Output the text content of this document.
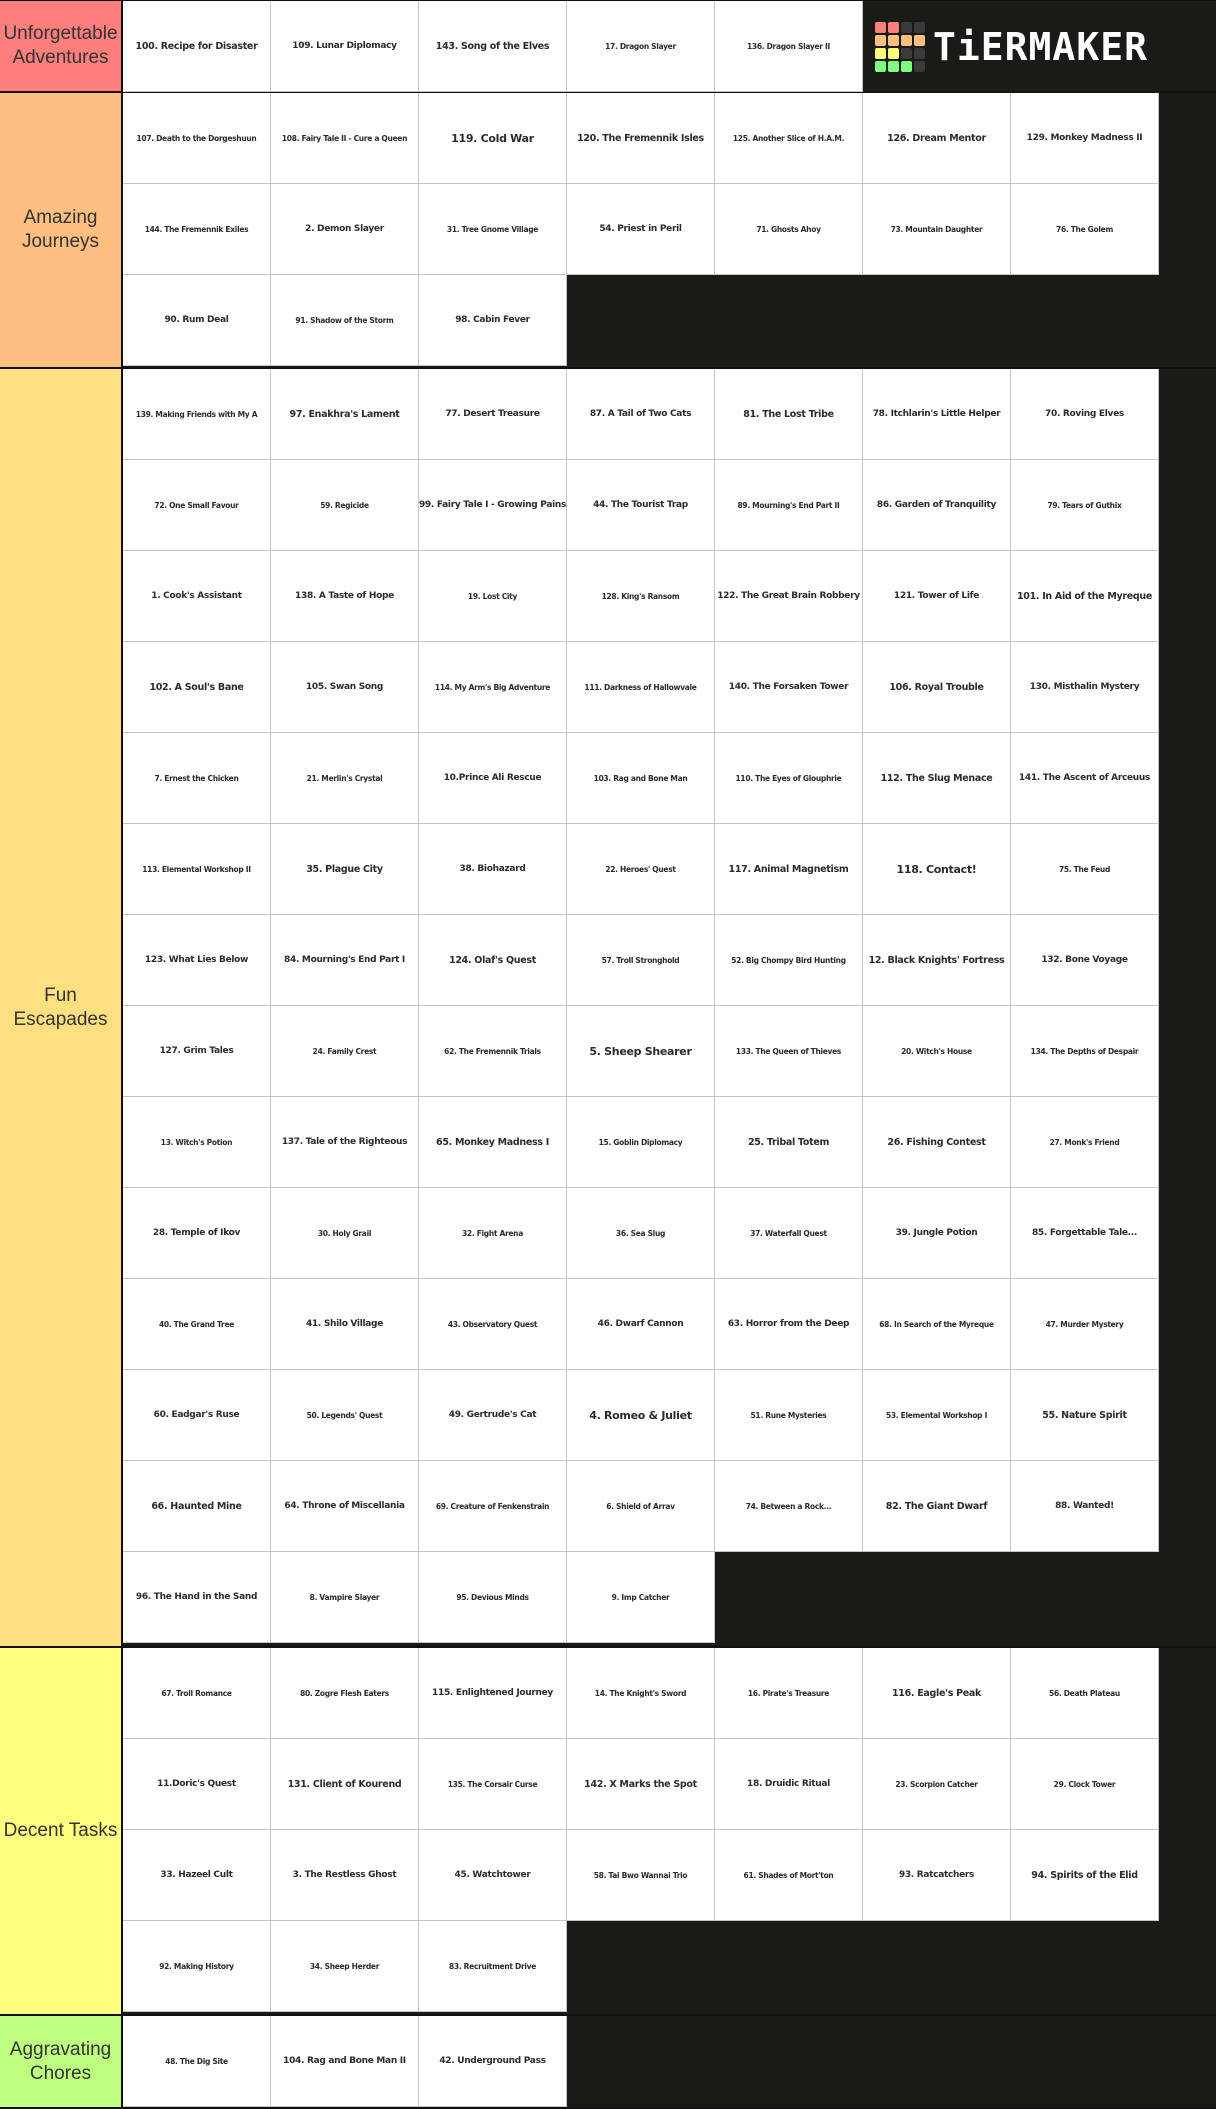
Unforgettable Adventures
100. Recipe for Disaster	109. Lunar Diplomacy	143. Song of the Elves	17. Dragon Slayer	136. Dragon Slayer II	TiERMAKER
Amazing Journeys
107. Death to the Dorgeshuun	108. Fairy Tale II - Cure a Queen	119. Cold War	120. The Fremennik Isles	125. Another Slice of H.A.M.	126. Dream Mentor	129. Monkey Madness II
144. The Fremennik Exiles	2. Demon Slayer	31. Tree Gnome Village	54. Priest in Peril	71. Ghosts Ahoy	73. Mountain Daughter	76. The Golem
90. Rum Deal	91. Shadow of the Storm	98. Cabin Fever
Fun Escapades
139. Making Friends with My A	97. Enakhra's Lament	77. Desert Treasure	87. A Tail of Two Cats	81. The Lost Tribe	78. Itchlarin's Little Helper	70. Roving Elves
72. One Small Favour	59. Regicide	99. Fairy Tale I - Growing Pains	44. The Tourist Trap	89. Mourning's End Part II	86. Garden of Tranquility	79. Tears of Guthix
1. Cook's Assistant	138. A Taste of Hope	19. Lost City	128. King's Ransom	122. The Great Brain Robbery	121. Tower of Life	101. In Aid of the Myreque
102. A Soul's Bane	105. Swan Song	114. My Arm's Big Adventure	111. Darkness of Hallowvale	140. The Forsaken Tower	106. Royal Trouble	130. Misthalin Mystery
7. Ernest the Chicken	21. Merlin's Crystal	10.Prince Ali Rescue	103. Rag and Bone Man	110. The Eyes of Glouphrie	112. The Slug Menace	141. The Ascent of Arceuus
113. Elemental Workshop II	35. Plague City	38. Biohazard	22. Heroes' Quest	117. Animal Magnetism	118. Contact!	75. The Feud
123. What Lies Below	84. Mourning's End Part I	124. Olaf's Quest	57. Troll Stronghold	52. Big Chompy Bird Hunting	12. Black Knights' Fortress	132. Bone Voyage
127. Grim Tales	24. Family Crest	62. The Fremennik Trials	5. Sheep Shearer	133. The Queen of Thieves	20. Witch's House	134. The Depths of Despair
13. Witch's Potion	137. Tale of the Righteous	65. Monkey Madness I	15. Goblin Diplomacy	25. Tribal Totem	26. Fishing Contest	27. Monk's Friend
28. Temple of Ikov	30. Holy Grail	32. Fight Arena	36. Sea Slug	37. Waterfall Quest	39. Jungle Potion	85. Forgettable Tale...
40. The Grand Tree	41. Shilo Village	43. Observatory Quest	46. Dwarf Cannon	63. Horror from the Deep	68. In Search of the Myreque	47. Murder Mystery
60. Eadgar's Ruse	50. Legends' Quest	49. Gertrude's Cat	4. Romeo & Juliet	51. Rune Mysteries	53. Elemental Workshop I	55. Nature Spirit
66. Haunted Mine	64. Throne of Miscellania	69. Creature of Fenkenstrain	6. Shield of Arrav	74. Between a Rock...	82. The Giant Dwarf	88. Wanted!
96. The Hand in the Sand	8. Vampire Slayer	95. Devious Minds	9. Imp Catcher
Decent Tasks
67. Troll Romance	80. Zogre Flesh Eaters	115. Enlightened Journey	14. The Knight's Sword	16. Pirate's Treasure	116. Eagle's Peak	56. Death Plateau
11.Doric's Quest	131. Client of Kourend	135. The Corsair Curse	142. X Marks the Spot	18. Druidic Ritual	23. Scorpion Catcher	29. Clock Tower
33. Hazeel Cult	3. The Restless Ghost	45. Watchtower	58. Tai Bwo Wannai Trio	61. Shades of Mort'ton	93. Ratcatchers	94. Spirits of the Elid
92. Making History	34. Sheep Herder	83. Recruitment Drive
Aggravating Chores
48. The Dig Site	104. Rag and Bone Man II	42. Underground Pass
